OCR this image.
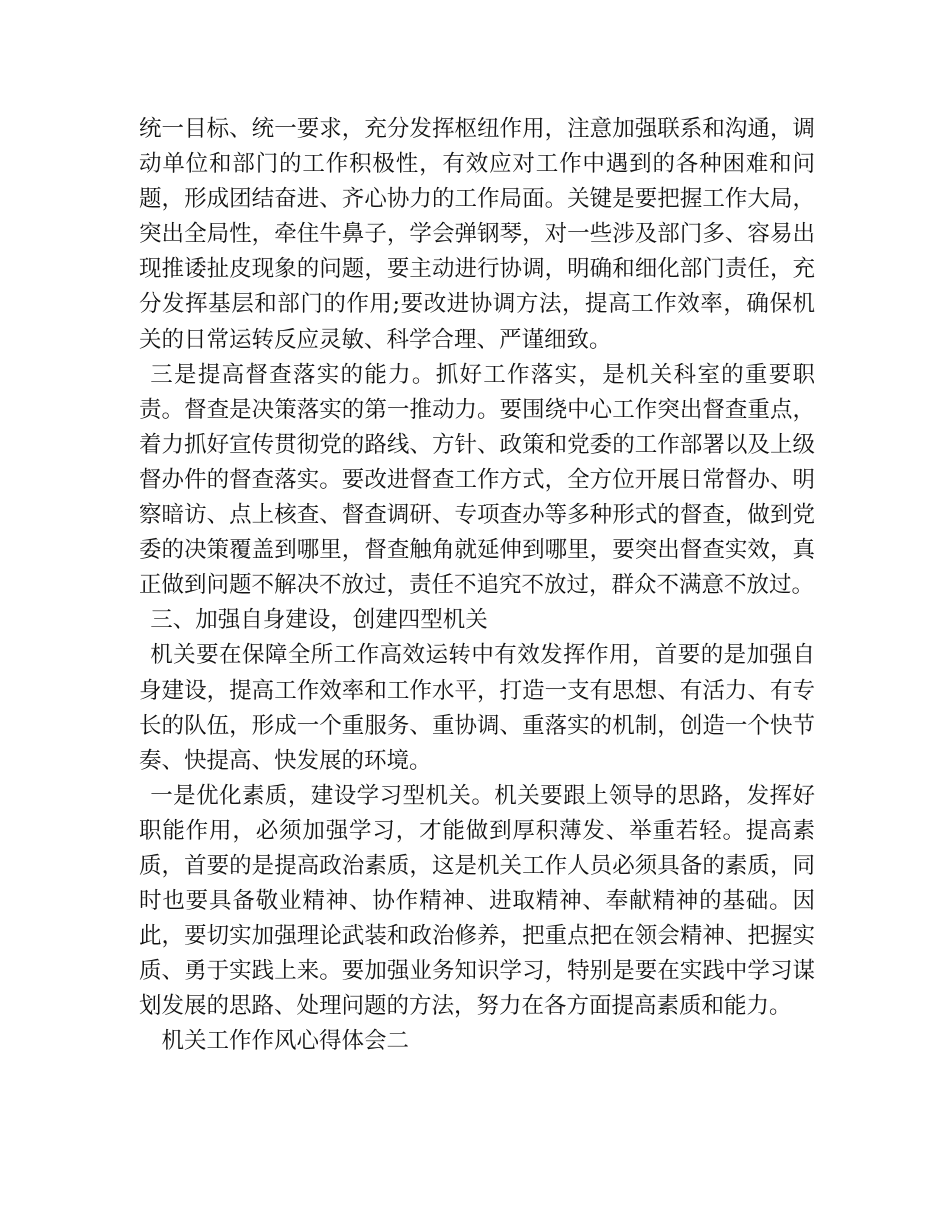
统一目标、统一要求，充分发挥枢纽作用，注意加强联系和沟通，调动单位和部门的工作积极性，有效应对工作中遇到的各种困难和问题，形成团结奋进、齐心协力的工作局面。关键是要把握工作大局，突出全局性，牵住牛鼻子，学会弹钢琴，对一些涉及部门多、容易出现推诿扯皮现象的问题，要主动进行协调，明确和细化部门责任，充分发挥基层和部门的作用;要改进协调方法，提高工作效率，确保机关的日常运转反应灵敏、科学合理、严谨细致。

三是提高督查落实的能力。抓好工作落实，是机关科室的重要职责。督查是决策落实的第一推动力。要围绕中心工作突出督查重点，着力抓好宣传贯彻党的路线、方针、政策和党委的工作部署以及上级督办件的督查落实。要改进督查工作方式，全方位开展日常督办、明察暗访、点上核查、督查调研、专项查办等多种形式的督查，做到党委的决策覆盖到哪里，督查触角就延伸到哪里，要突出督查实效，真正做到问题不解决不放过，责任不追究不放过，群众不满意不放过。

三、加强自身建设，创建四型机关

机关要在保障全所工作高效运转中有效发挥作用，首要的是加强自身建设，提高工作效率和工作水平，打造一支有思想、有活力、有专长的队伍，形成一个重服务、重协调、重落实的机制，创造一个快节奏、快提高、快发展的环境。

一是优化素质，建设学习型机关。机关要跟上领导的思路，发挥好职能作用，必须加强学习，才能做到厚积薄发、举重若轻。提高素质，首要的是提高政治素质，这是机关工作人员必须具备的素质，同时也要具备敬业精神、协作精神、进取精神、奉献精神的基础。因此，要切实加强理论武装和政治修养，把重点把在领会精神、把握实质、勇于实践上来。要加强业务知识学习，特别是要在实践中学习谋划发展的思路、处理问题的方法，努力在各方面提高素质和能力。

机关工作作风心得体会二
